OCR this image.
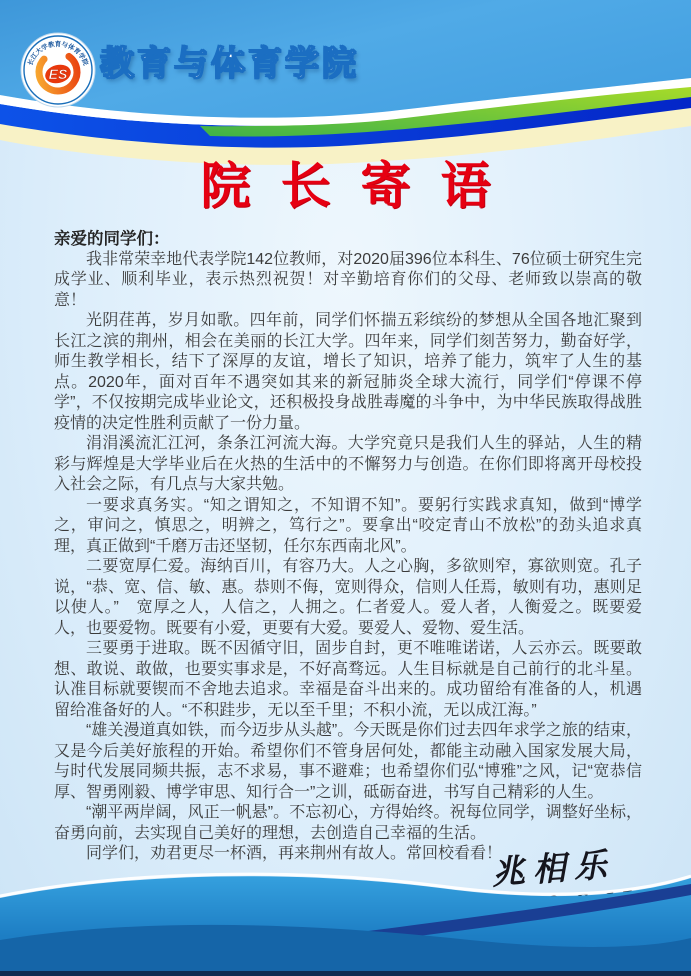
长江大学教育与体育学院
ES 教育与体育学院
院长寄语

亲爱的同学们：

我非常荣幸地代表学院142位教师，对2020届396位本科生、76位硕士研究生完成学业、顺利毕业，表示热烈祝贺！对辛勤培育你们的父母、老师致以崇高的敬意！

光阴荏苒，岁月如歌。四年前，同学们怀揣五彩缤纷的梦想从全国各地汇聚到长江之滨的荆州，相会在美丽的长江大学。四年来，同学们刻苦努力，勤奋好学，师生教学相长，结下了深厚的友谊，增长了知识，培养了能力，筑牢了人生的基点。2020年，面对百年不遇突如其来的新冠肺炎全球大流行，同学们“停课不停学”，不仅按期完成毕业论文，还积极投身战胜毒魔的斗争中，为中华民族取得战胜疫情的决定性胜利贡献了一份力量。

涓涓溪流汇江河，条条江河流大海。大学究竟只是我们人生的驿站，人生的精彩与辉煌是大学毕业后在火热的生活中的不懈努力与创造。在你们即将离开母校投入社会之际，有几点与大家共勉。

一要求真务实。“知之谓知之，不知谓不知”。要躬行实践求真知，做到“博学之，审问之，慎思之，明辨之，笃行之”。要拿出“咬定青山不放松”的劲头追求真理，真正做到“千磨万击还坚韧，任尔东西南北风”。

二要宽厚仁爱。海纳百川，有容乃大。人之心胸，多欲则窄，寡欲则宽。孔子说，“恭、宽、信、敏、惠。恭则不侮，宽则得众，信则人任焉，敏则有功，惠则足以使人。”　宽厚之人，人信之，人拥之。仁者爱人。爱人者，人衡爱之。既要爱人，也要爱物。既要有小爱，更要有大爱。要爱人、爱物、爱生活。

三要勇于进取。既不因循守旧，固步自封，更不唯唯诺诺，人云亦云。既要敢想、敢说、敢做，也要实事求是，不好高骛远。人生目标就是自己前行的北斗星。认准目标就要锲而不舍地去追求。幸福是奋斗出来的。成功留给有准备的人，机遇留给准备好的人。“不积跬步，无以至千里；不积小流，无以成江海。”

“雄关漫道真如铁，而今迈步从头越”。今天既是你们过去四年求学之旅的结束，又是今后美好旅程的开始。希望你们不管身居何处，都能主动融入国家发展大局，与时代发展同频共振，志不求易，事不避难；也希望你们弘“博雅”之风，记“宽恭信厚、智勇刚毅、博学审思、知行合一”之训，砥砺奋进，书写自己精彩的人生。

“潮平两岸阔，风正一帆悬”。不忘初心，方得始终。祝每位同学，调整好坐标，奋勇向前，去实现自己美好的理想，去创造自己幸福的生活。

同学们，劝君更尽一杯酒，再来荆州有故人。常回校看看！

兆相乐
